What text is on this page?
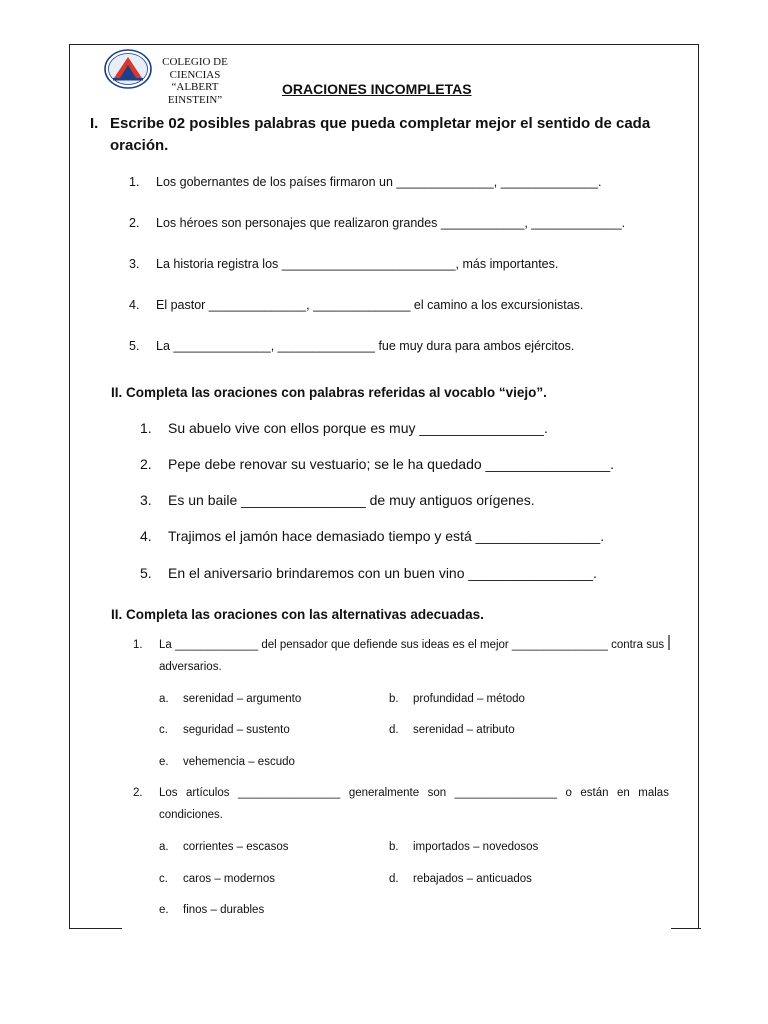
COLEGIO DE
CIENCIAS
“ALBERT
EINSTEIN”
ORACIONES INCOMPLETAS
I. Escribe 02 posibles palabras que pueda completar mejor el sentido de cada oración.
1. Los gobernantes de los países firmaron un ______________, ______________.
2. Los héroes son personajes que realizaron grandes ____________, _____________.
3. La historia registra los _________________________, más importantes.
4. El pastor ______________, ______________ el camino a los excursionistas.
5. La ______________, ______________ fue muy dura para ambos ejércitos.
II. Completa las oraciones con palabras referidas al vocablo “viejo”.
1. Su abuelo vive con ellos porque es muy ________________.
2. Pepe debe renovar su vestuario; se le ha quedado ________________.
3. Es un baile ________________ de muy antiguos orígenes.
4. Trajimos el jamón hace demasiado tiempo y está ________________.
5. En el aniversario brindaremos con un buen vino ________________.
II. Completa las oraciones con las alternativas adecuadas.
1. La _____________ del pensador que defiende sus ideas es el mejor _______________ contra sus
adversarios.
a. serenidad – argumento	b. profundidad – método
c. seguridad – sustento	d. serenidad – atributo
e. vehemencia – escudo
2. Los artículos ________________ generalmente son ________________ o están en malas
condiciones.
a. corrientes – escasos	b. importados – novedosos
c. caros – modernos	d. rebajados – anticuados
e. finos – durables
